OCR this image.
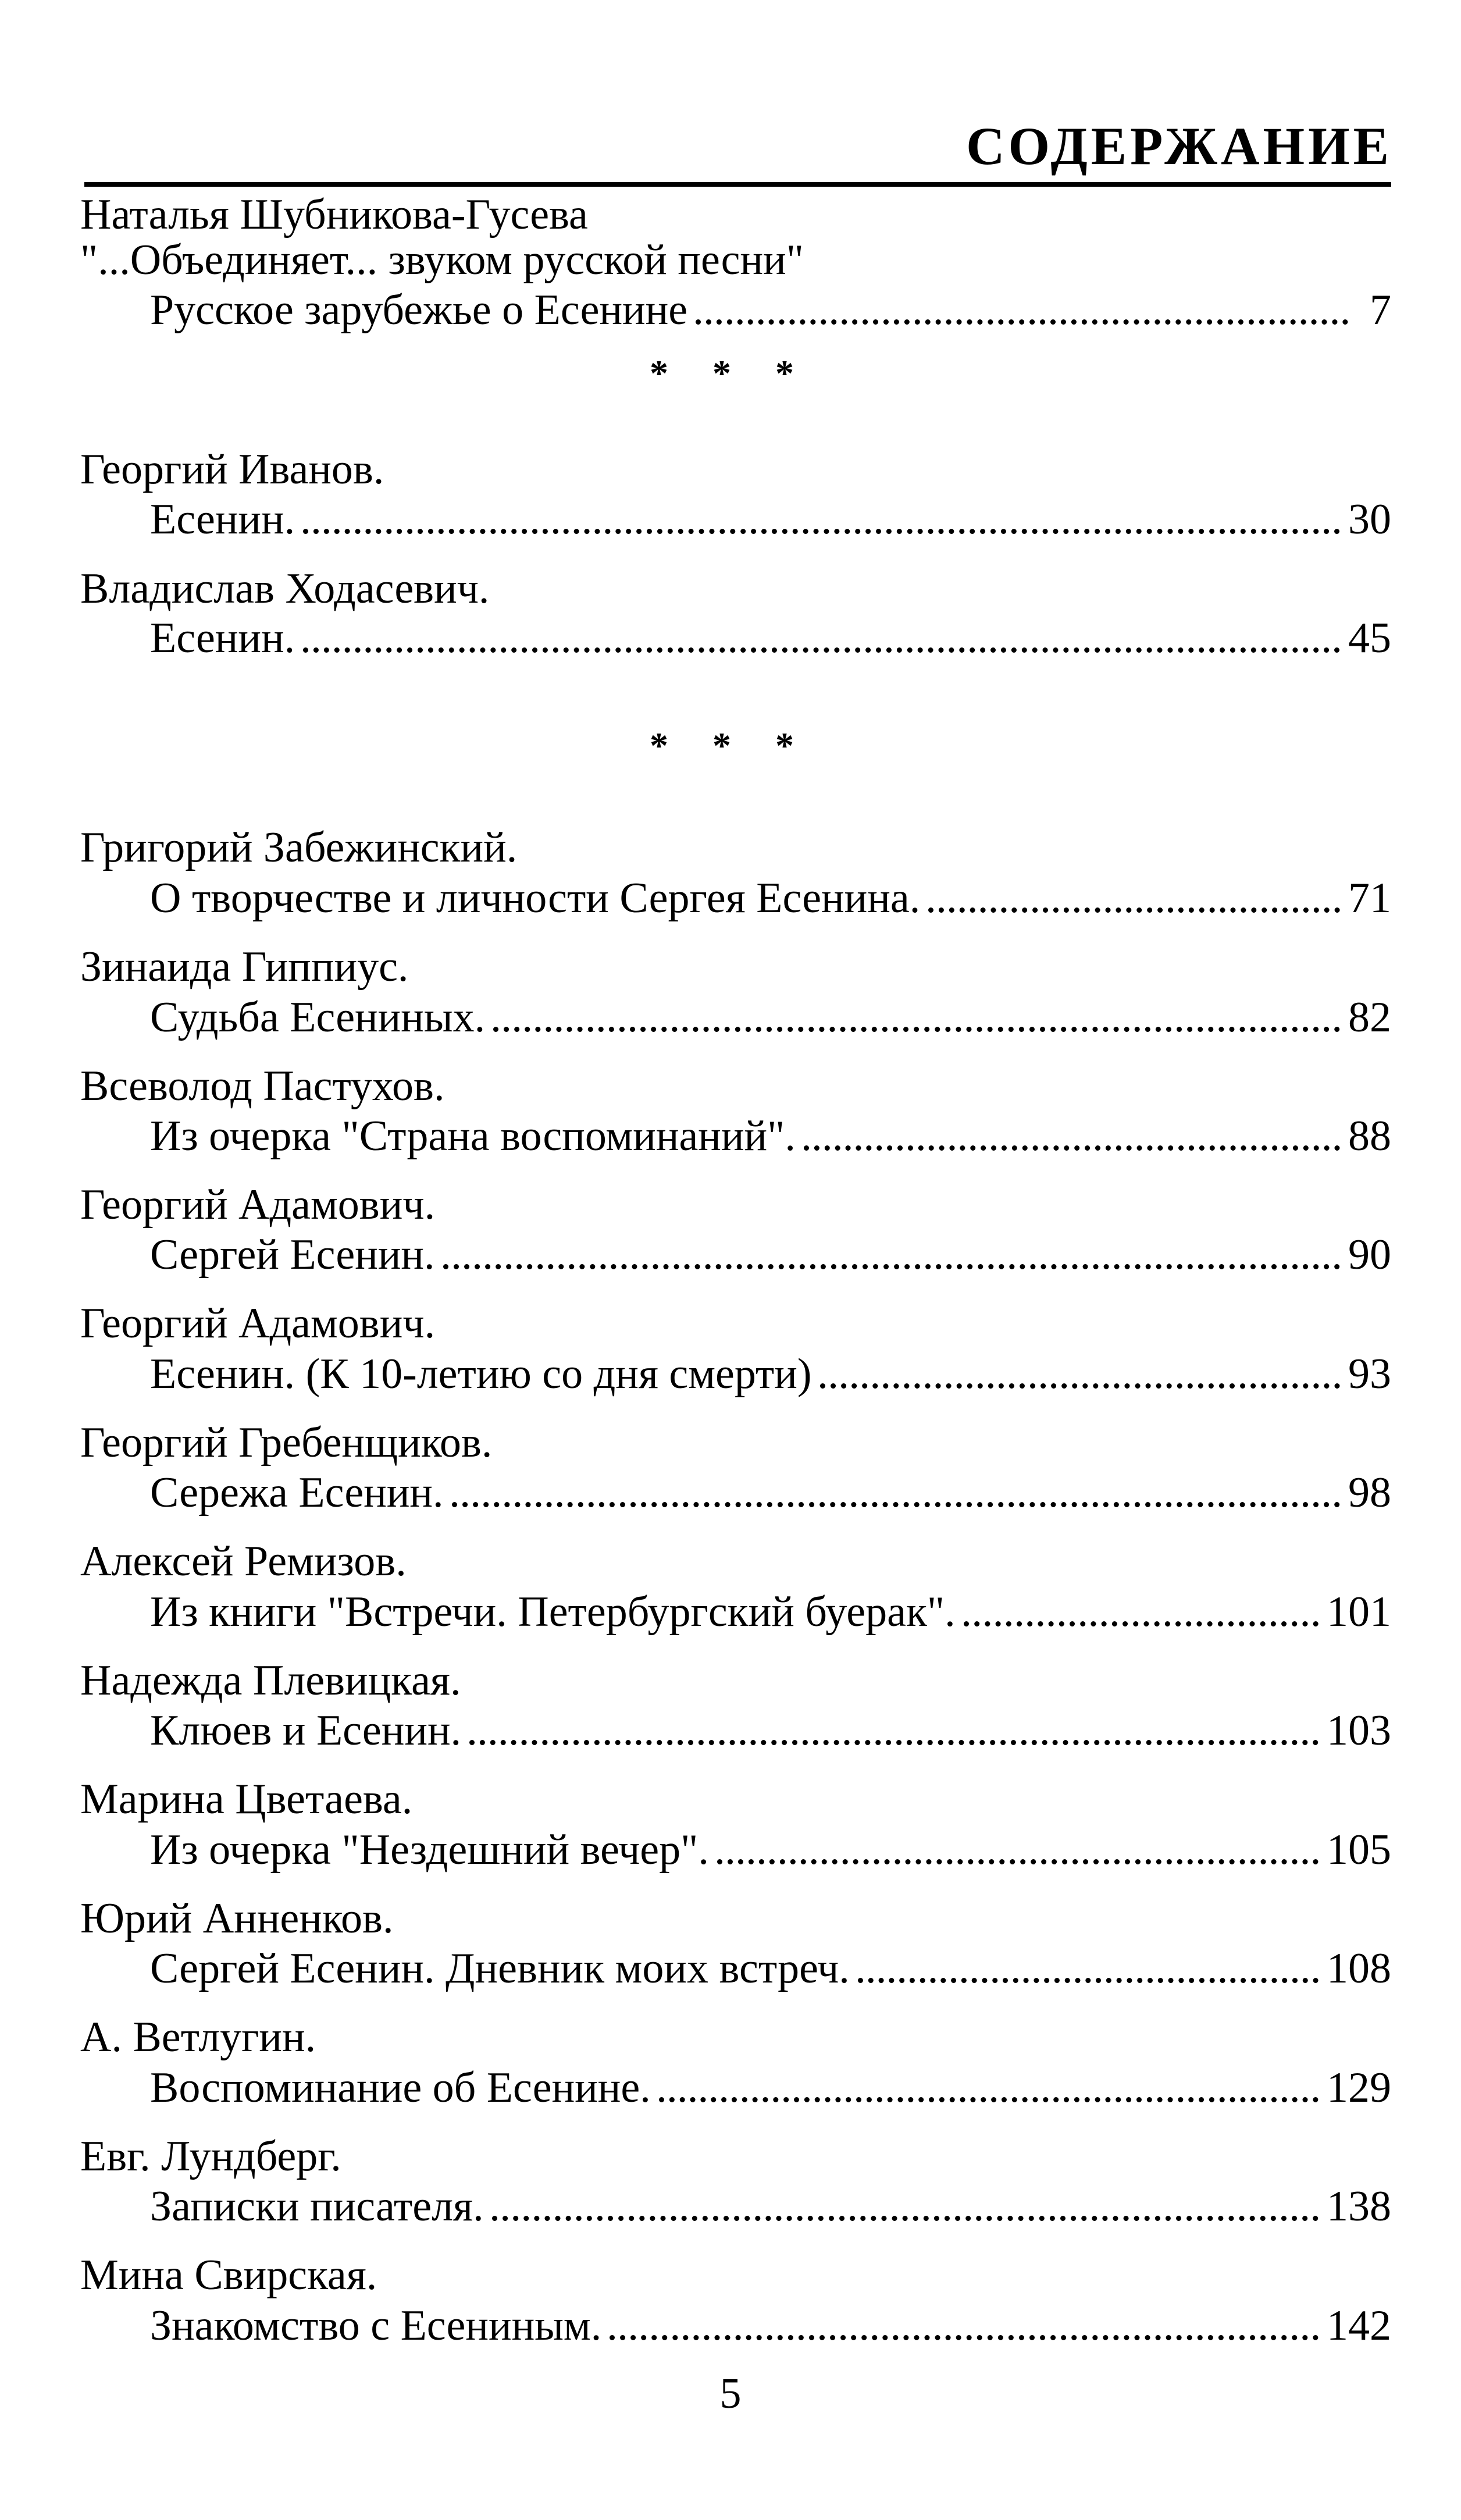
СОДЕРЖАНИЕ
Наталья Шубникова-Гусева
"...Объединяет... звуком русской песни"
Русское зарубежье о Есенине	7
* * *
Георгий Иванов.
Есенин.	30
Владислав Ходасевич.
Есенин.	45
* * *
Григорий Забежинский.
О творчестве и личности Сергея Есенина.	71
Зинаида Гиппиус.
Судьба Есениных.	82
Всеволод Пастухов.
Из очерка "Страна воспоминаний".	88
Георгий Адамович.
Сергей Есенин.	90
Георгий Адамович.
Есенин. (К 10-летию со дня смерти)	93
Георгий Гребенщиков.
Сережа Есенин.	98
Алексей Ремизов.
Из книги "Встречи. Петербургский буерак".	101
Надежда Плевицкая.
Клюев и Есенин.	103
Марина Цветаева.
Из очерка "Нездешний вечер".	105
Юрий Анненков.
Сергей Есенин. Дневник моих встреч.	108
А. Ветлугин.
Воспоминание об Есенине.	129
Евг. Лундберг.
Записки писателя.	138
Мина Свирская.
Знакомство с Есениным.	142
5
